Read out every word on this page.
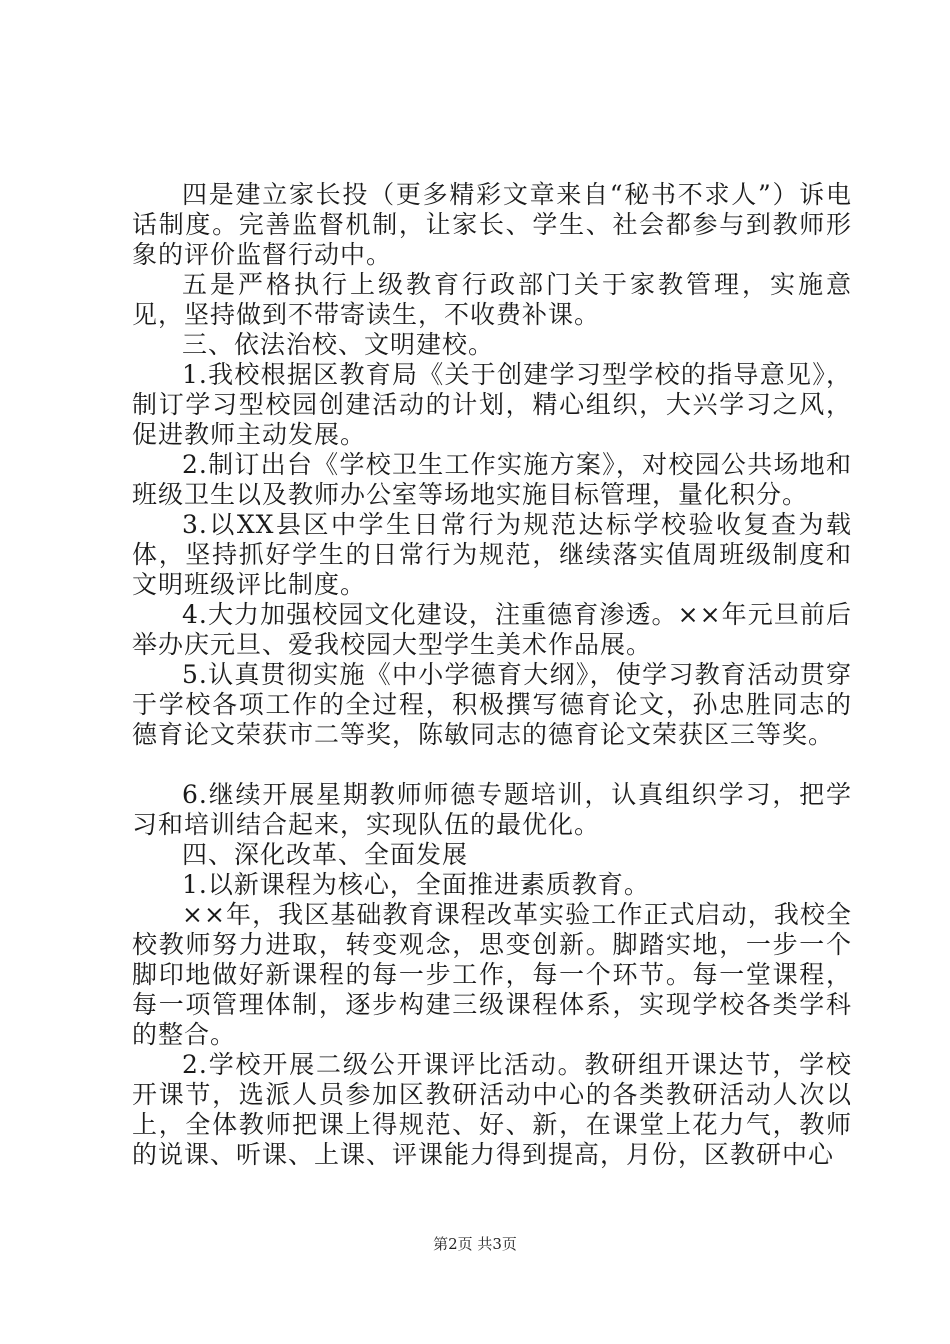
四是建立家长投（更多精彩文章来自“秘书不求人”）诉电话制度。完善监督机制，让家长、学生、社会都参与到教师形象的评价监督行动中。

五是严格执行上级教育行政部门关于家教管理，实施意见，坚持做到不带寄读生，不收费补课。

三、依法治校、文明建校。

1.我校根据区教育局《关于创建学习型学校的指导意见》，制订学习型校园创建活动的计划，精心组织，大兴学习之风，促进教师主动发展。

2.制订出台《学校卫生工作实施方案》，对校园公共场地和班级卫生以及教师办公室等场地实施目标管理，量化积分。

3.以XX县区中学生日常行为规范达标学校验收复查为载体，坚持抓好学生的日常行为规范，继续落实值周班级制度和文明班级评比制度。

4.大力加强校园文化建设，注重德育渗透。××年元旦前后举办庆元旦、爱我校园大型学生美术作品展。

5.认真贯彻实施《中小学德育大纲》，使学习教育活动贯穿于学校各项工作的全过程，积极撰写德育论文，孙忠胜同志的德育论文荣获市二等奖，陈敏同志的德育论文荣获区三等奖。

6.继续开展星期教师师德专题培训，认真组织学习，把学习和培训结合起来，实现队伍的最优化。

四、深化改革、全面发展

1.以新课程为核心，全面推进素质教育。

××年，我区基础教育课程改革实验工作正式启动，我校全校教师努力进取，转变观念，思变创新。脚踏实地，一步一个脚印地做好新课程的每一步工作，每一个环节。每一堂课程，每一项管理体制，逐步构建三级课程体系，实现学校各类学科的整合。

2.学校开展二级公开课评比活动。教研组开课达节，学校开课节，选派人员参加区教研活动中心的各类教研活动人次以上，全体教师把课上得规范、好、新，在课堂上花力气，教师的说课、听课、上课、评课能力得到提高，月份，区教研中心

第2页 共3页
